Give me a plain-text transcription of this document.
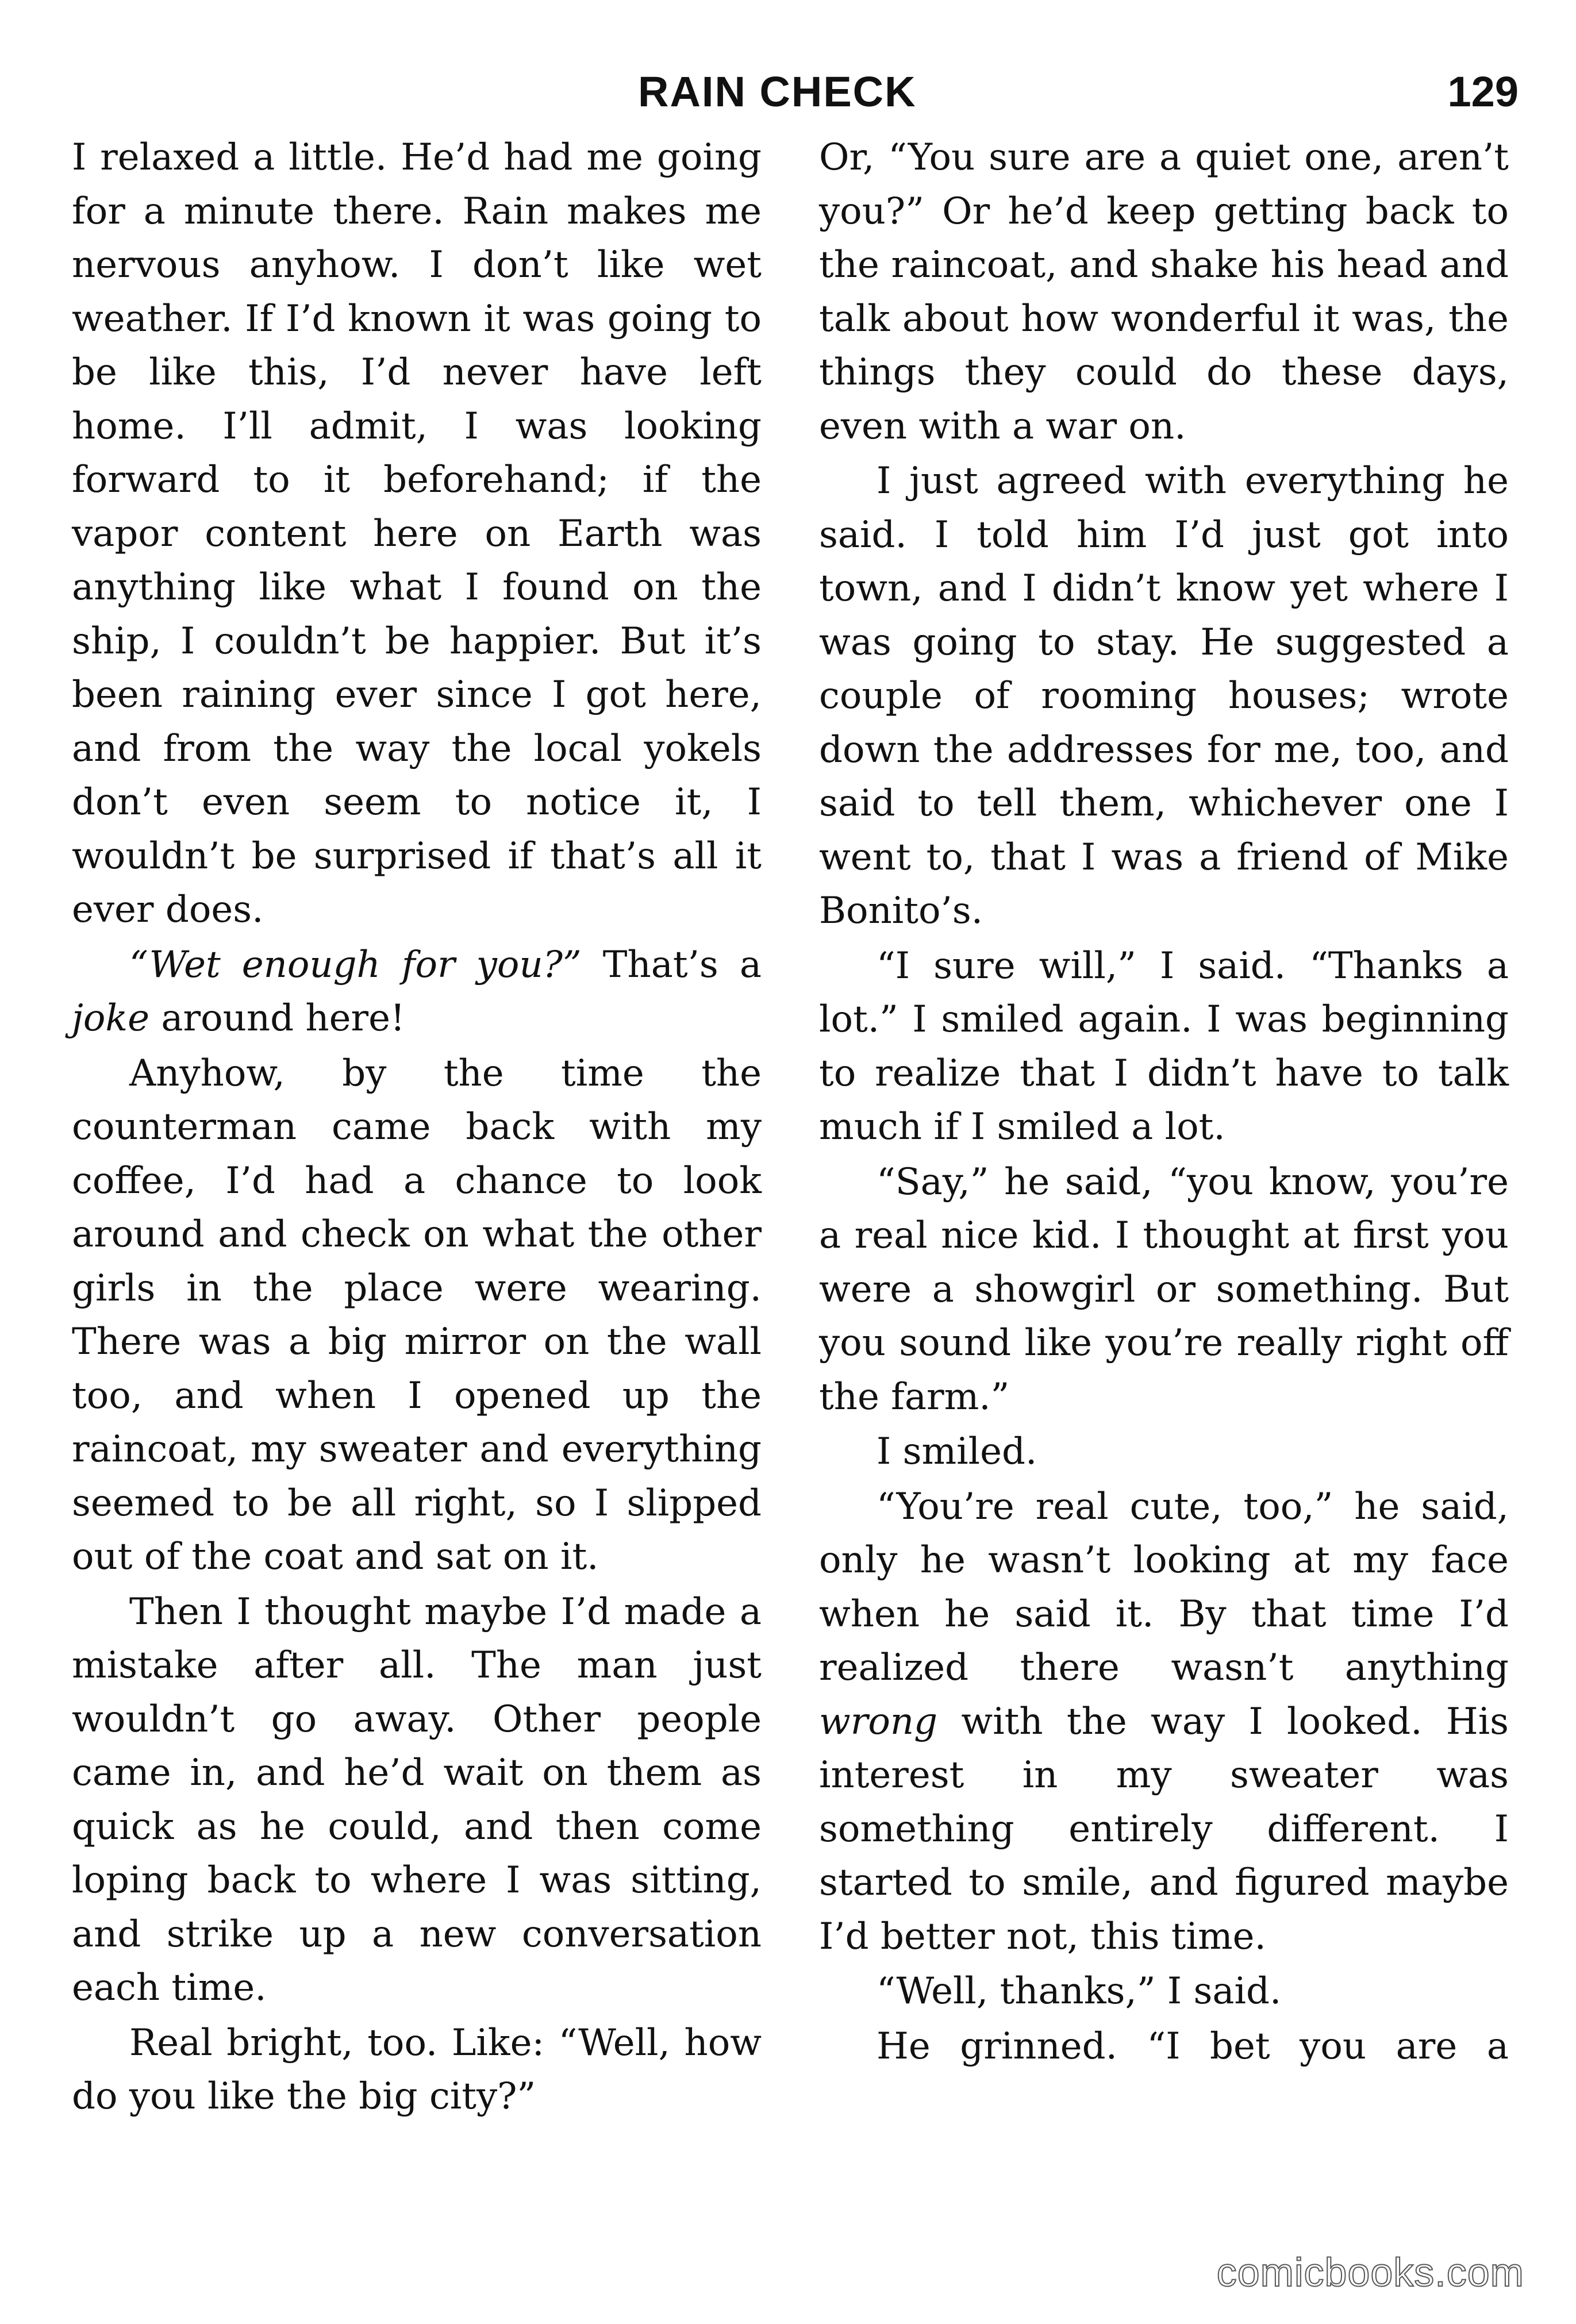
RAIN CHECK	129

I relaxed a little. He’d had me going for a minute there. Rain makes me nervous anyhow. I don’t like wet weather. If I’d known it was going to be like this, I’d never have left home. I’ll admit, I was looking forward to it beforehand; if the vapor content here on Earth was anything like what I found on the ship, I couldn’t be happier. But it’s been raining ever since I got here, and from the way the local yokels don’t even seem to notice it, I wouldn’t be surprised if that’s all it ever does.

“Wet enough for you?” That’s a joke around here!

Anyhow, by the time the counterman came back with my coffee, I’d had a chance to look around and check on what the other girls in the place were wearing. There was a big mirror on the wall too, and when I opened up the raincoat, my sweater and everything seemed to be all right, so I slipped out of the coat and sat on it.

Then I thought maybe I’d made a mistake after all. The man just wouldn’t go away. Other people came in, and he’d wait on them as quick as he could, and then come loping back to where I was sitting, and strike up a new conversation each time.

Real bright, too. Like: “Well, how do you like the big city?”

Or, “You sure are a quiet one, aren’t you?” Or he’d keep getting back to the raincoat, and shake his head and talk about how wonderful it was, the things they could do these days, even with a war on.

I just agreed with everything he said. I told him I’d just got into town, and I didn’t know yet where I was going to stay. He suggested a couple of rooming houses; wrote down the addresses for me, too, and said to tell them, whichever one I went to, that I was a friend of Mike Bonito’s.

“I sure will,” I said. “Thanks a lot.” I smiled again. I was beginning to realize that I didn’t have to talk much if I smiled a lot.

“Say,” he said, “you know, you’re a real nice kid. I thought at first you were a showgirl or something. But you sound like you’re really right off the farm.”

I smiled.

“You’re real cute, too,” he said, only he wasn’t looking at my face when he said it. By that time I’d realized there wasn’t anything wrong with the way I looked. His interest in my sweater was something entirely different. I started to smile, and figured maybe I’d better not, this time.

“Well, thanks,” I said.

He grinned. “I bet you are a

comicbooks.com
